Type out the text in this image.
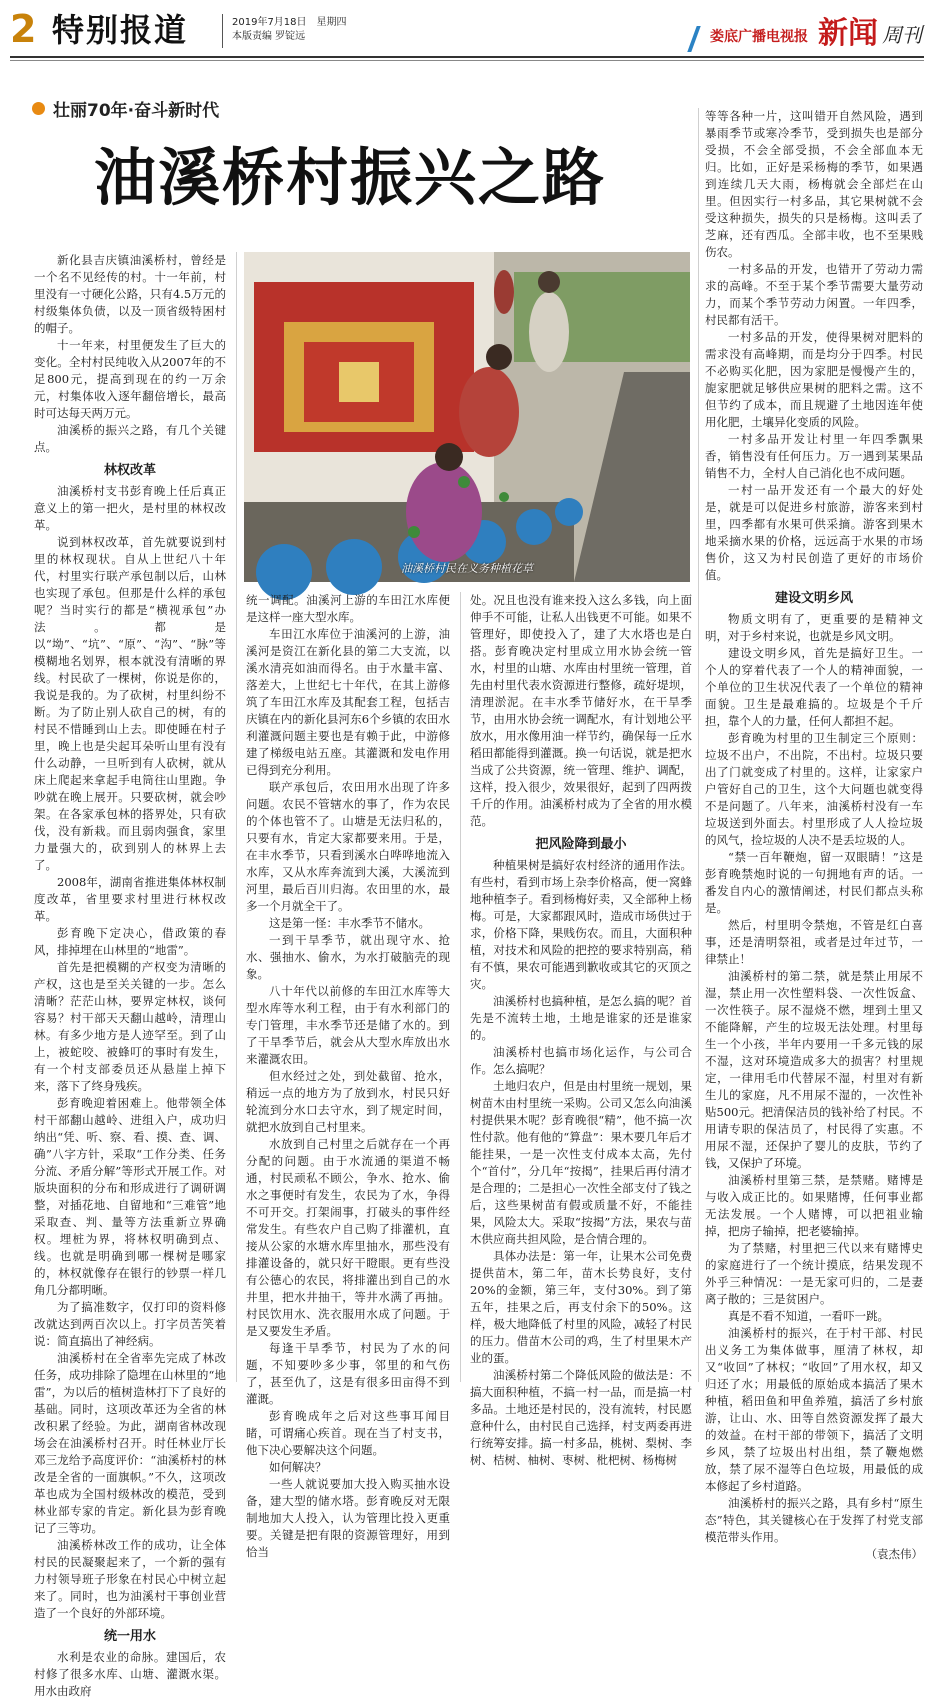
2 特别报道	2019年7月18日　星期四
本版责编 罗锭远	娄底广播电视报 新闻 周刊
壮丽70年·奋斗新时代
油溪桥村振兴之路
油溪桥村民在义务种植花草

新化县吉庆镇油溪桥村，曾经是一个名不见经传的村。十一年前，村里没有一寸硬化公路，只有4.5万元的村级集体负债，以及一顶省级特困村的帽子。

十一年来，村里便发生了巨大的变化。全村村民纯收入从2007年的不足800元，提高到现在的约一万余元，村集体收入逐年翻倍增长，最高时可达每天两万元。

油溪桥的振兴之路，有几个关键点。

林权改革

油溪桥村支书彭育晚上任后真正意义上的第一把火，是村里的林权改革。

说到林权改革，首先就要说到村里的林权现状。自从上世纪八十年代，村里实行联产承包制以后，山林也实现了承包。但那是什么样的承包呢？当时实行的都是“横视承包”办法。都是以“坳”、“坑”、“原”、“沟”、“脉”等模糊地名划界，根本就没有清晰的界线。村民砍了一棵树，你说是你的，我说是我的。为了砍树，村里纠纷不断。为了防止别人砍自己的树，有的村民不惜睡到山上去。即使睡在村子里，晚上也是尖起耳朵听山里有没有什么动静，一旦听到有人砍树，就从床上爬起来拿起手电筒往山里跑。争吵就在晚上展开。只要砍树，就会吵架。在各家承包林的搭界处，只有砍伐，没有新栽。而且弱肉强食，家里力量强大的，砍到别人的林界上去了。

2008年，湖南省推进集体林权制度改革，省里要求村里进行林权改革。

彭育晚下定决心，借政策的春风，排掉埋在山林里的“地雷”。

首先是把模糊的产权变为清晰的产权，这也是至关关键的一步。怎么清晰？茫茫山林，要界定林权，谈何容易？村干部天天翻山越岭，清理山林。有多少地方是人迹罕至。到了山上，被蛇咬、被蜂叮的事时有发生，有一个村支部委员还从悬崖上掉下来，落下了终身残疾。

彭育晚迎着困难上。他带领全体村干部翻山越岭、进组入户，成功归纳出“凭、听、察、看、摸、查、调、确”八字方针，采取“工作分类、任务分流、矛盾分解”等形式开展工作。对版块面积的分布和形成进行了调研调整，对插花地、自留地和“三难管”地采取查、判、量等方法重新立界确权。埋桩为界，将林权明确到点、线。也就是明确到哪一棵树是哪家的，林权就像存在银行的钞票一样几角几分都明晰。

为了搞准数字，仅打印的资料修改就达到两百次以上。打字员苦笑着说：简直搞出了神经病。

油溪桥村在全省率先完成了林改任务，成功排除了隐埋在山林里的“地雷”，为以后的植树造林打下了良好的基础。同时，这项改革还为全省的林改积累了经验。为此，湖南省林改现场会在油溪桥村召开。时任林业厅长邓三龙给予高度评价：“油溪桥村的林改是全省的一面旗帜。”不久，这项改革也成为全国村级林改的模范，受到林业部专家的肯定。新化县为彭育晚记了三等功。

油溪桥林改工作的成功，让全体村民的民凝聚起来了，一个新的强有力村领导班子形象在村民心中树立起来了。同时，也为油溪村干事创业营造了一个良好的外部环境。

统一用水

水利是农业的命脉。建国后，农村修了很多水库、山塘、灌溉水渠。用水由政府

统一调配。油溪河上游的车田江水库便是这样一座大型水库。

车田江水库位于油溪河的上游，油溪河是资江在新化县的第二大支流，以溪水清亮如油而得名。由于水量丰富、落差大，上世纪七十年代，在其上游修筑了车田江水库及其配套工程，包括吉庆镇在内的新化县河东6个乡镇的农田水利灌溉问题主要也是有赖于此，中游修建了梯级电站五座。其灌溉和发电作用已得到充分利用。

联产承包后，农田用水出现了许多问题。农民不管辖水的事了，作为农民的个体也管不了。山塘是无法归私的，只要有水，肯定大家都要来用。于是，在丰水季节，只看到溪水白哗哗地流入水库，又从水库奔流到大溪，大溪流到河里，最后百川归海。农田里的水，最多一个月就全干了。

这是第一怪：丰水季节不储水。

一到干旱季节，就出现守水、抢水、强抽水、偷水，为水打破脑壳的现象。

八十年代以前修的车田江水库等大型水库等水利工程，由于有水利部门的专门管理，丰水季节还是储了水的。到了干旱季节后，就会从大型水库放出水来灌溉农田。

但水经过之处，到处截留、抢水，稍远一点的地方为了放到水，村民只好轮流到分水口去守水，到了规定时间，就把水放到自己村里来。

水放到自己村里之后就存在一个再分配的问题。由于水流通的渠道不畅通，村民顽私不顾公，争水、抢水、偷水之事便时有发生，农民为了水，争得不可开交。打架闹事，打破头的事件经常发生。有些农户自己购了排灌机，直接从公家的水塘水库里抽水，那些没有排灌设备的，就只好干瞪眼。更有些没有公德心的农民，将排灌出到自己的水井里，把水井抽干，等井水满了再抽。村民饮用水、洗衣服用水成了问题。于是又要发生矛盾。

每逢干旱季节，村民为了水的问题，不知要吵多少事，邻里的和气伤了，甚至仇了，这是有很多田亩得不到灌溉。

彭育晚成年之后对这些事耳闻目睹，可谓痛心疾首。现在当了村支书，他下决心要解决这个问题。

如何解决？

一些人就说要加大投入购买抽水设备，建大型的储水塔。彭育晚反对无限制地加大人投入，认为管理比投入更重要。关键是把有限的资源管理好，用到恰当

处。况且也没有谁来投入这么多钱，向上面伸手不可能，让私人出钱更不可能。如果不管理好，即使投入了，建了大水塔也是白搭。彭育晚决定村里成立用水协会统一管水，村里的山塘、水库由村里统一管理，首先由村里代表水资源进行整修，疏好堤坝，清理淤泥。在丰水季节储好水，在干旱季节，由用水协会统一调配水，有计划地公平放水，用水像用油一样节约，确保每一丘水稻田都能得到灌溉。换一句话说，就是把水当成了公共资源，统一管理、维护、调配，这样，投入很少，效果很好，起到了四两拨千斤的作用。油溪桥村成为了全省的用水模范。

把风险降到最小

种植果树是搞好农村经济的通用作法。有些村，看到市场上杂李价格高，便一窝蜂地种植李子。看到杨梅好卖，又全部种上杨梅。可是，大家都跟风时，造成市场供过于求，价格下降，果贱伤农。而且，大面积种植，对技术和风险的把控的要求特别高，稍有不慎，果农可能遇到歉收或其它的灭顶之灾。

油溪桥村也搞种植，是怎么搞的呢？首先是不流转土地，土地是谁家的还是谁家的。

油溪桥村也搞市场化运作，与公司合作。怎么搞呢？

土地归农户，但是由村里统一规划，果树苗木由村里统一采购。公司又怎么向油溪村提供果木呢？彭育晚很“精”，他不搞一次性付款。他有他的“算盘”：果木要几年后才能挂果，一是一次性支付成本太高，先付个“首付”，分几年“按揭”，挂果后再付清才是合理的；二是担心一次性全部支付了钱之后，这些果树苗有假或质量不好，不能挂果，风险太大。采取“按揭”方法，果农与苗木供应商共担风险，是合情合理的。

具体办法是：第一年，让果木公司免费提供苗木，第二年，苗木长势良好，支付20%的金额，第三年，支付30%。到了第五年，挂果之后，再支付余下的50%。这样，极大地降低了村里的风险，减轻了村民的压力。借苗木公司的鸡，生了村里果木产业的蛋。

油溪桥村第二个降低风险的做法是：不搞大面积种植，不搞一村一品，而是搞一村多品。土地还是村民的，没有流转，村民愿意种什么，由村民自己选择，村支两委再进行统筹安排。搞一村多品，桃树、梨树、李树、桔树、柚树、枣树、枇杷树、杨梅树

等等各种一片，这叫错开自然风险，遇到暴雨季节或寒冷季节，受到损失也是部分受损，不会全部受损，不会全部血本无归。比如，正好是采杨梅的季节，如果遇到连续几天大雨，杨梅就会全部烂在山里。但因实行一村多品，其它果树就不会受这种损失，损失的只是杨梅。这叫丢了芝麻，还有西瓜。全部丰收，也不至果贱伤农。

一村多品的开发，也错开了劳动力需求的高峰。不至于某个季节需要大量劳动力，而某个季节劳动力闲置。一年四季，村民都有活干。

一村多品的开发，使得果树对肥料的需求没有高峰期，而是均分于四季。村民不必购买化肥，因为家肥是慢慢产生的，旎家肥就足够供应果树的肥料之需。这不但节约了成本，而且规避了土地因连年使用化肥，土壤异化变质的风险。

一村多品开发让村里一年四季飘果香，销售没有任何压力。万一遇到某果品销售不力，全村人自己消化也不成问题。

一村一品开发还有一个最大的好处是，就是可以促进乡村旅游，游客来到村里，四季都有水果可供采摘。游客到果木地采摘水果的价格，远远高于水果的市场售价，这又为村民创造了更好的市场价值。

建设文明乡风

物质文明有了，更重要的是精神文明，对于乡村来说，也就是乡风文明。

建设文明乡风，首先是搞好卫生。一个人的穿着代表了一个人的精神面貌，一个单位的卫生状况代表了一个单位的精神面貌。卫生是最难搞的。垃圾是个千斤担，靠个人的力量，任何人都担不起。

彭育晚为村里的卫生制定三个原则：垃圾不出户，不出院，不出村。垃圾只要出了门就变成了村里的。这样，让家家户户管好自己的卫生，这个大问题也就变得不是问题了。八年来，油溪桥村没有一车垃圾送到外面去。村里形成了人人捡垃圾的风气，捡垃圾的人决不是丢垃圾的人。

“禁一百年鞭炮，留一双眼睛！”这是彭育晚禁炮时说的一句拥地有声的话。一番发自内心的激情阐述，村民们都点头称是。

然后，村里明令禁炮，不管是红白喜事，还是清明祭祖，或者是过年过节，一律禁止！

油溪桥村的第二禁，就是禁止用尿不湿，禁止用一次性塑料袋、一次性饭盒、一次性筷子。尿不湿烧不燃，埋到土里又不能降解，产生的垃圾无法处理。村里每生一个小孩，半年内要用一千多元钱的尿不湿，这对环境造成多大的损害？村里规定，一律用毛巾代替尿不湿，村里对有新生儿的家庭，凡不用尿不湿的，一次性补贴500元。把清保洁员的钱补给了村民。不用请专职的保洁员了，村民得了实惠。不用尿不湿，还保护了婴儿的皮肤，节约了钱，又保护了环境。

油溪桥村里第三禁，是禁赌。赌博是与收入成正比的。如果赌博，任何事业都无法发展。一个人赌博，可以把祖业输掉，把房子输掉，把老婆输掉。

为了禁赌，村里把三代以来有赌博史的家庭进行了一个统计摸底，结果发现不外乎三种情况：一是无家可归的，二是妻离子散的；三是贫困户。

真是不看不知道，一看吓一跳。

油溪桥村的振兴，在于村干部、村民出义务工为集体做事，厘清了林权，却又“收回”了林权；“收回”了用水权，却又归还了水；用最低的原始成本搞活了果木种植，稻田鱼和甲鱼养殖，搞活了乡村旅游，让山、水、田等自然资源发挥了最大的效益。在村干部的带领下，搞活了文明乡风，禁了垃圾出村出组，禁了鞭炮燃放，禁了尿不湿等白色垃圾，用最低的成本修起了乡村道路。

油溪桥村的振兴之路，具有乡村“原生态”特色，其关键核心在于发挥了村党支部模范带头作用。

（袁杰伟）
